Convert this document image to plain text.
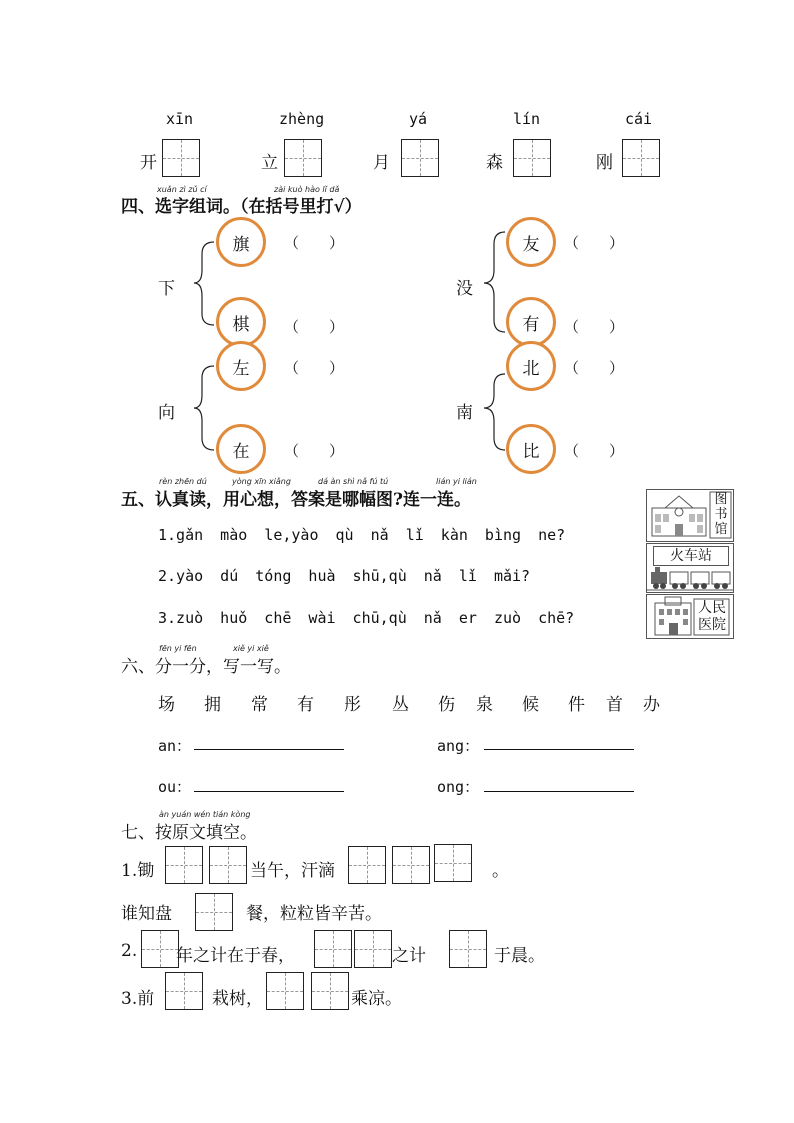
xīn	zhèng	yá	lín	cái
开	立	月	森	刚
xuǎn zì zǔ cí	zài kuò hào lǐ dǎ
四、选字组词。（在括号里打√）
下
旗
棋
（　　）
（　　）
没
友
有
（　　）
（　　）
向
左
在
（　　）
（　　）
南
北
比
（　　）
（　　）
rèn zhēn dú	yòng xīn xiǎng	dá àn shì nǎ fú tú	lián yi lián
五、认真读，用心想，答案是哪幅图?连一连。
1.gǎn mào le,yào qù nǎ lǐ kàn bìng ne?
2.yào dú tóng huà shū,qù nǎ lǐ mǎi?
3.zuò huǒ chē wài chū,qù nǎ er zuò chē?
图书馆
火车站
人民医院
fēn yi fēn	xiě yi xiě
六、分一分，写一写。
场 拥 常 有 彤 丛 伤 泉 候 件 首 办
an：	ang：
ou：	ong：
àn yuán wén tián kòng
七、按原文填空。
1.锄	当午，汗滴	。
谁知盘	餐，粒粒皆辛苦。
2. 年之计在于春，	之计	于晨。
3.前	栽树，	乘凉。
